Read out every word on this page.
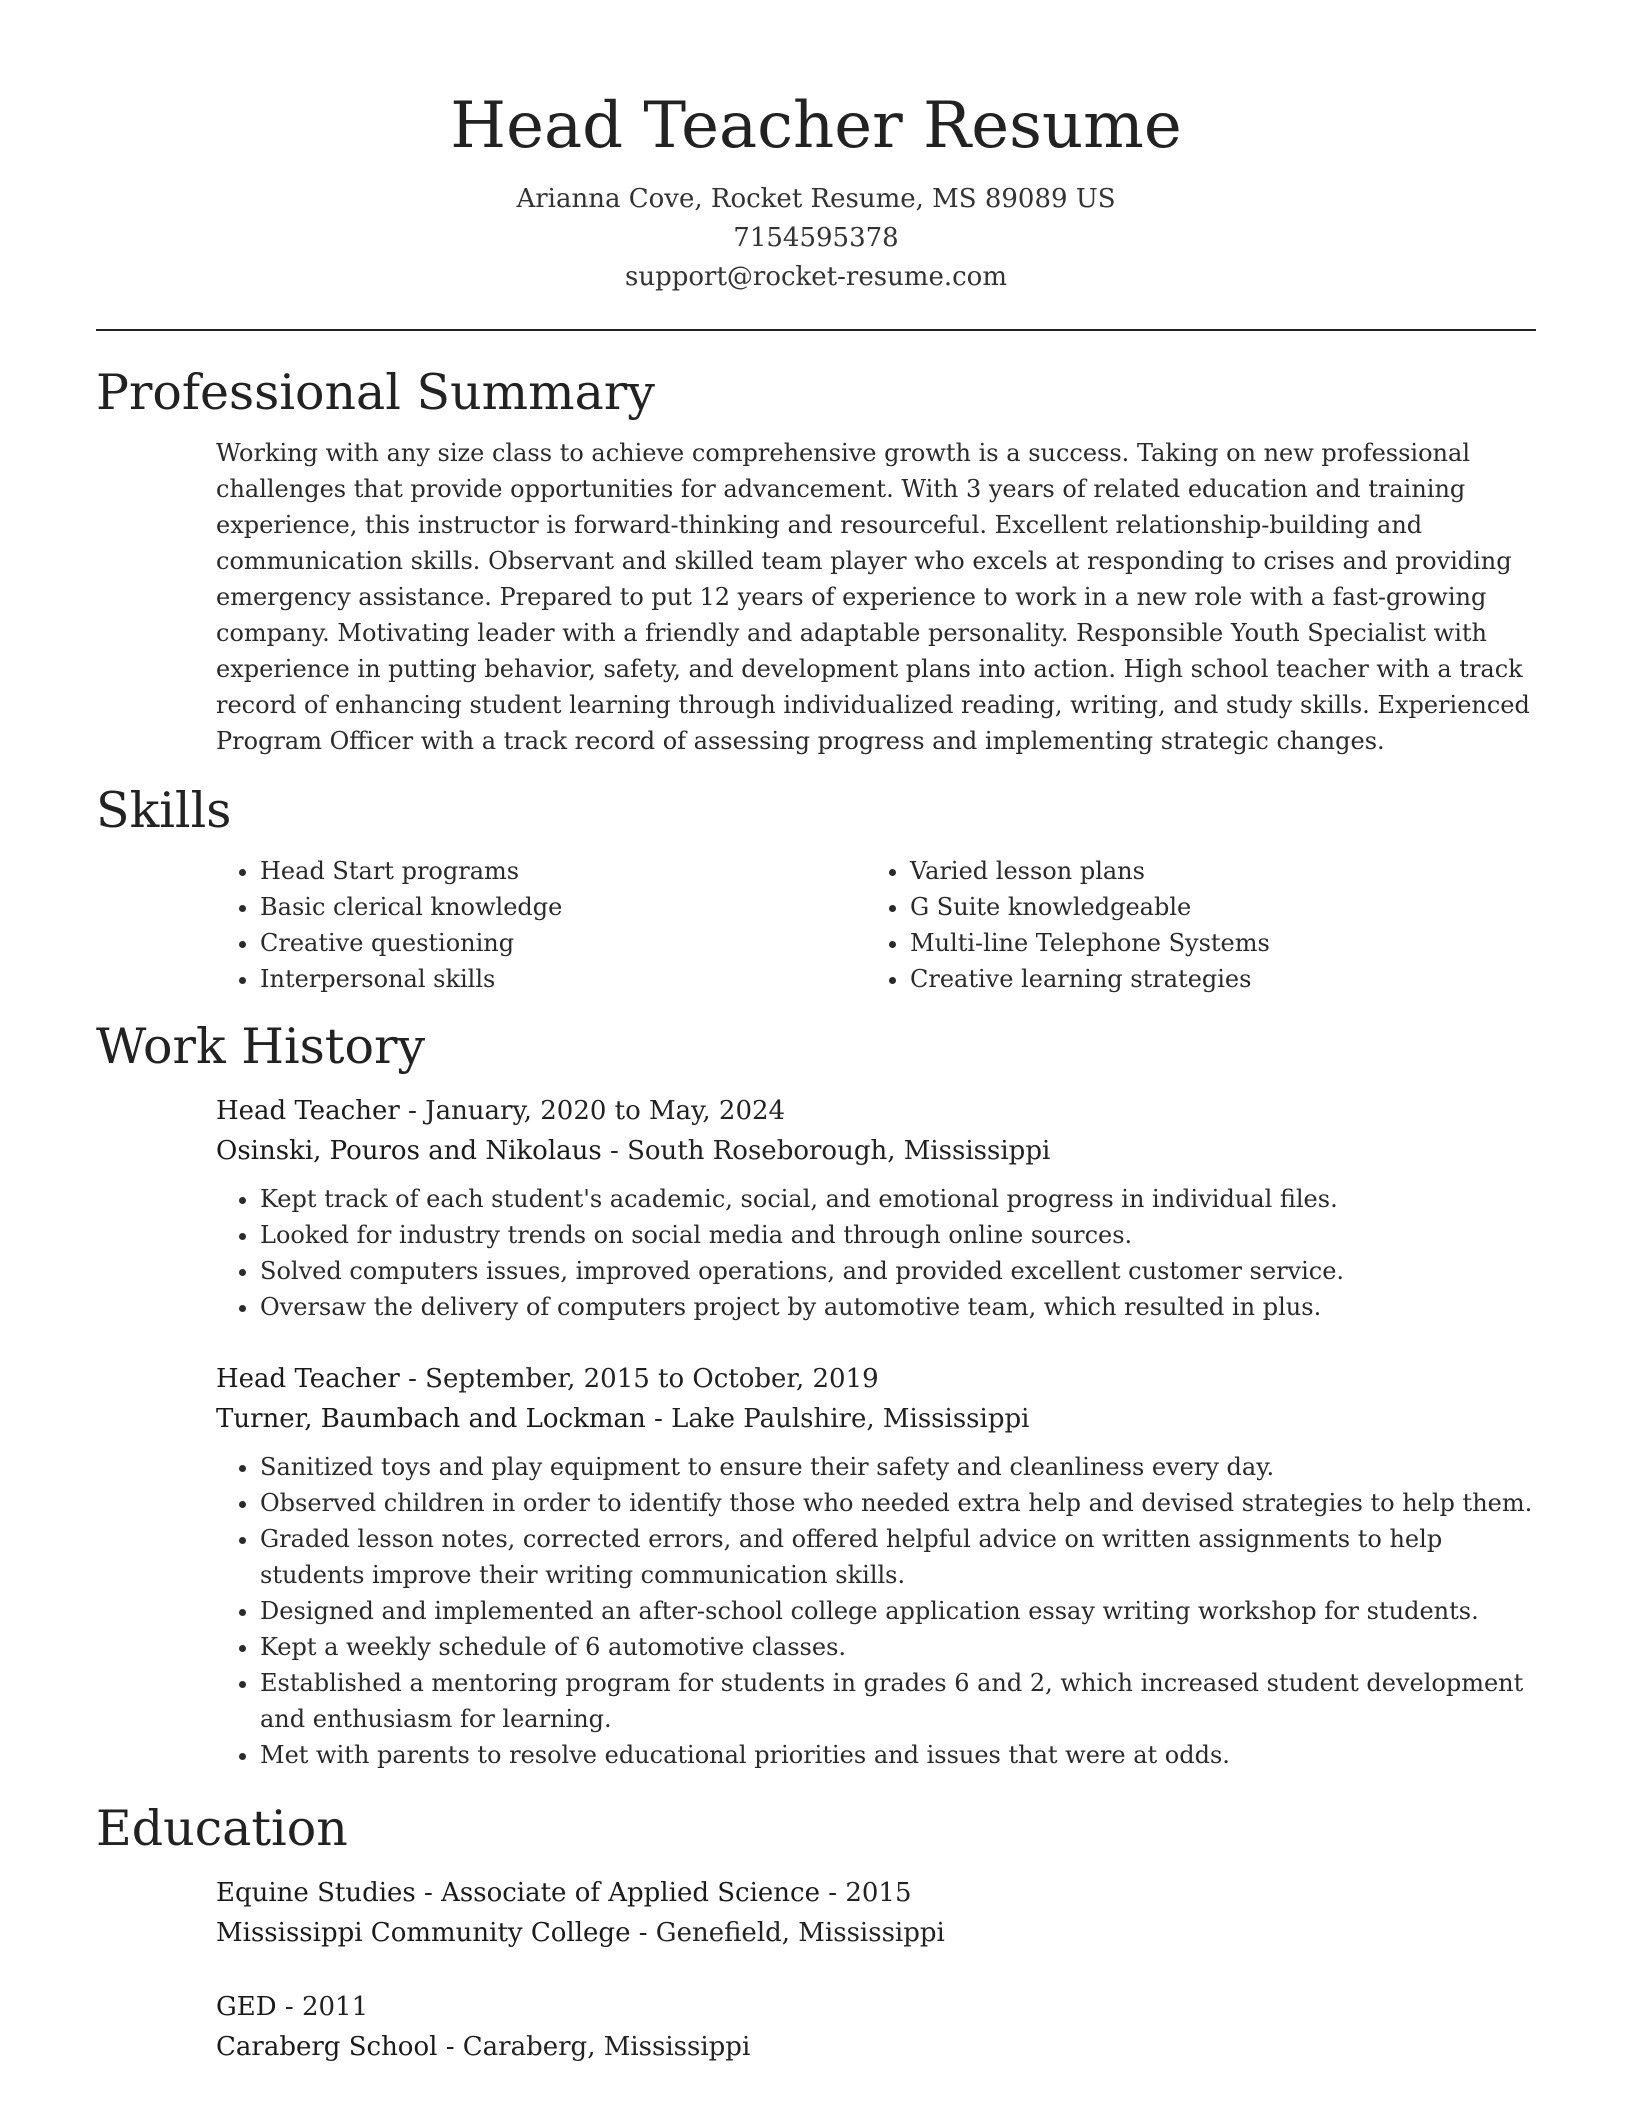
Head Teacher Resume
Arianna Cove, Rocket Resume, MS 89089 US
7154595378
support@rocket-resume.com
Professional Summary

Working with any size class to achieve comprehensive growth is a success. Taking on new professional challenges that provide opportunities for advancement. With 3 years of related education and training experience, this instructor is forward-thinking and resourceful. Excellent relationship-building and communication skills. Observant and skilled team player who excels at responding to crises and providing emergency assistance. Prepared to put 12 years of experience to work in a new role with a fast-growing company. Motivating leader with a friendly and adaptable personality. Responsible Youth Specialist with experience in putting behavior, safety, and development plans into action. High school teacher with a track record of enhancing student learning through individualized reading, writing, and study skills. Experienced Program Officer with a track record of assessing progress and implementing strategic changes.

Skills
• Head Start programs
• Basic clerical knowledge
• Creative questioning
• Interpersonal skills
• Varied lesson plans
• G Suite knowledgeable
• Multi-line Telephone Systems
• Creative learning strategies
Work History
Head Teacher - January, 2020 to May, 2024
Osinski, Pouros and Nikolaus - South Roseborough, Mississippi
• Kept track of each student's academic, social, and emotional progress in individual files.
• Looked for industry trends on social media and through online sources.
• Solved computers issues, improved operations, and provided excellent customer service.
• Oversaw the delivery of computers project by automotive team, which resulted in plus.
Head Teacher - September, 2015 to October, 2019
Turner, Baumbach and Lockman - Lake Paulshire, Mississippi
• Sanitized toys and play equipment to ensure their safety and cleanliness every day.
• Observed children in order to identify those who needed extra help and devised strategies to help them.
• Graded lesson notes, corrected errors, and offered helpful advice on written assignments to help students improve their writing communication skills.
• Designed and implemented an after-school college application essay writing workshop for students.
• Kept a weekly schedule of 6 automotive classes.
• Established a mentoring program for students in grades 6 and 2, which increased student development and enthusiasm for learning.
• Met with parents to resolve educational priorities and issues that were at odds.
Education
Equine Studies - Associate of Applied Science - 2015
Mississippi Community College - Genefield, Mississippi
GED - 2011
Caraberg School - Caraberg, Mississippi
